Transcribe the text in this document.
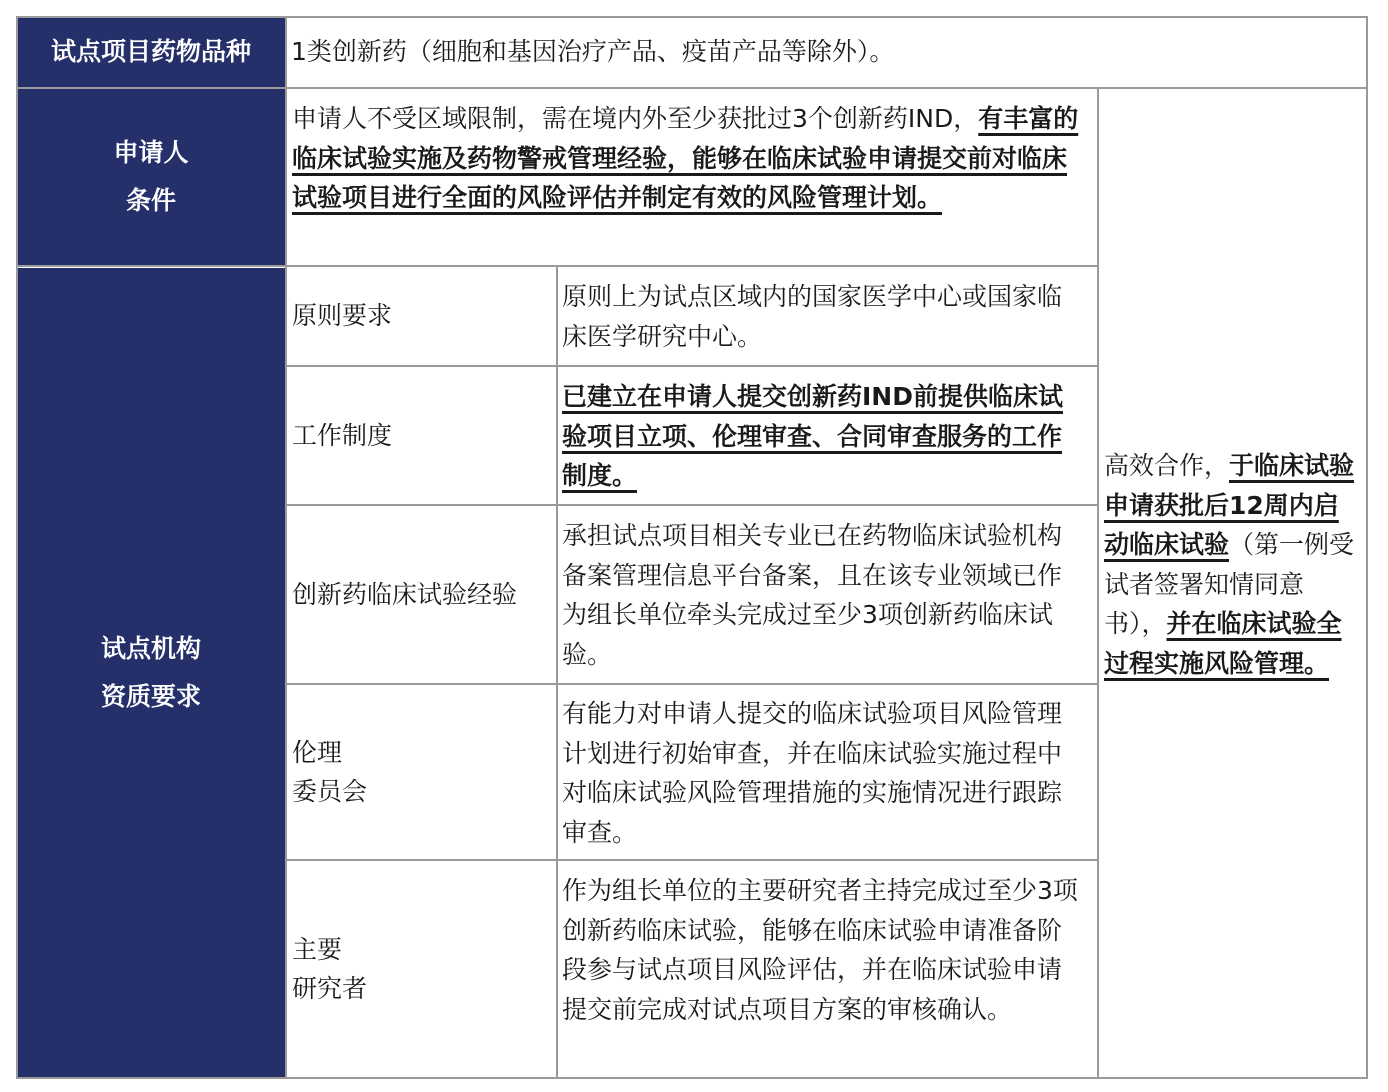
试点项目药物品种
申请人
条件
试点机构
资质要求
1类创新药（细胞和基因治疗产品、疫苗产品等除外）。
申请人不受区域限制，需在境内外至少获批过3个创新药IND，有丰富的临床试验实施及药物警戒管理经验，能够在临床试验申请提交前对临床试验项目进行全面的风险评估并制定有效的风险管理计划。
原则要求
工作制度
创新药临床试验经验
伦理
委员会
主要
研究者
原则上为试点区域内的国家医学中心或国家临床医学研究中心。
已建立在申请人提交创新药IND前提供临床试验项目立项、伦理审查、合同审查服务的工作制度。
承担试点项目相关专业已在药物临床试验机构备案管理信息平台备案，且在该专业领域已作为组长单位牵头完成过至少3项创新药临床试验。
有能力对申请人提交的临床试验项目风险管理计划进行初始审查，并在临床试验实施过程中对临床试验风险管理措施的实施情况进行跟踪审查。
作为组长单位的主要研究者主持完成过至少3项创新药临床试验，能够在临床试验申请准备阶段参与试点项目风险评估，并在临床试验申请提交前完成对试点项目方案的审核确认。
高效合作，于临床试验申请获批后12周内启动临床试验（第一例受试者签署知情同意书），并在临床试验全过程实施风险管理。
